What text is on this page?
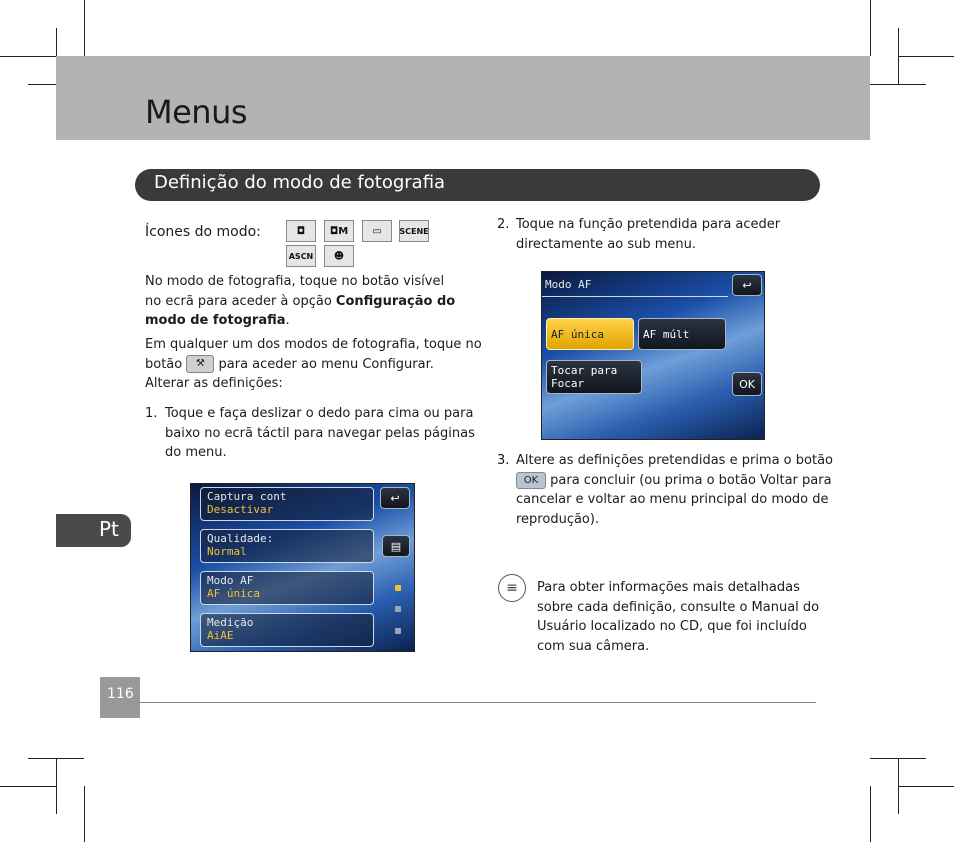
Menus
Definição do modo de fotografia
Ícones do modo:	◘	◘M	▭	SCENE
ASCN	☻
No modo de fotografia, toque no botão visível
no ecrã para aceder à opção Configuração do
modo de fotografia.
Em qualquer um dos modos de fotografia, toque no
botão ⚒ para aceder ao menu Configurar.
Alterar as definições:
1. Toque e faça deslizar o dedo para cima ou para
baixo no ecrã táctil para navegar pelas páginas
do menu.
Captura cont
Desactivar
Qualidade:
Normal
Modo AF
AF única
Medição
AiAE
↩
▤
2. Toque na função pretendida para aceder
directamente ao sub menu.
Modo AF	↩
AF única	AF múlt
Tocar para
Focar	OK
3. Altere as definições pretendidas e prima o botão
OK para concluir (ou prima o botão Voltar para
cancelar e voltar ao menu principal do modo de
reprodução).
≡	Para obter informações mais detalhadas
sobre cada definição, consulte o Manual do
Usuário localizado no CD, que foi incluído
com sua câmera.
Pt
116
